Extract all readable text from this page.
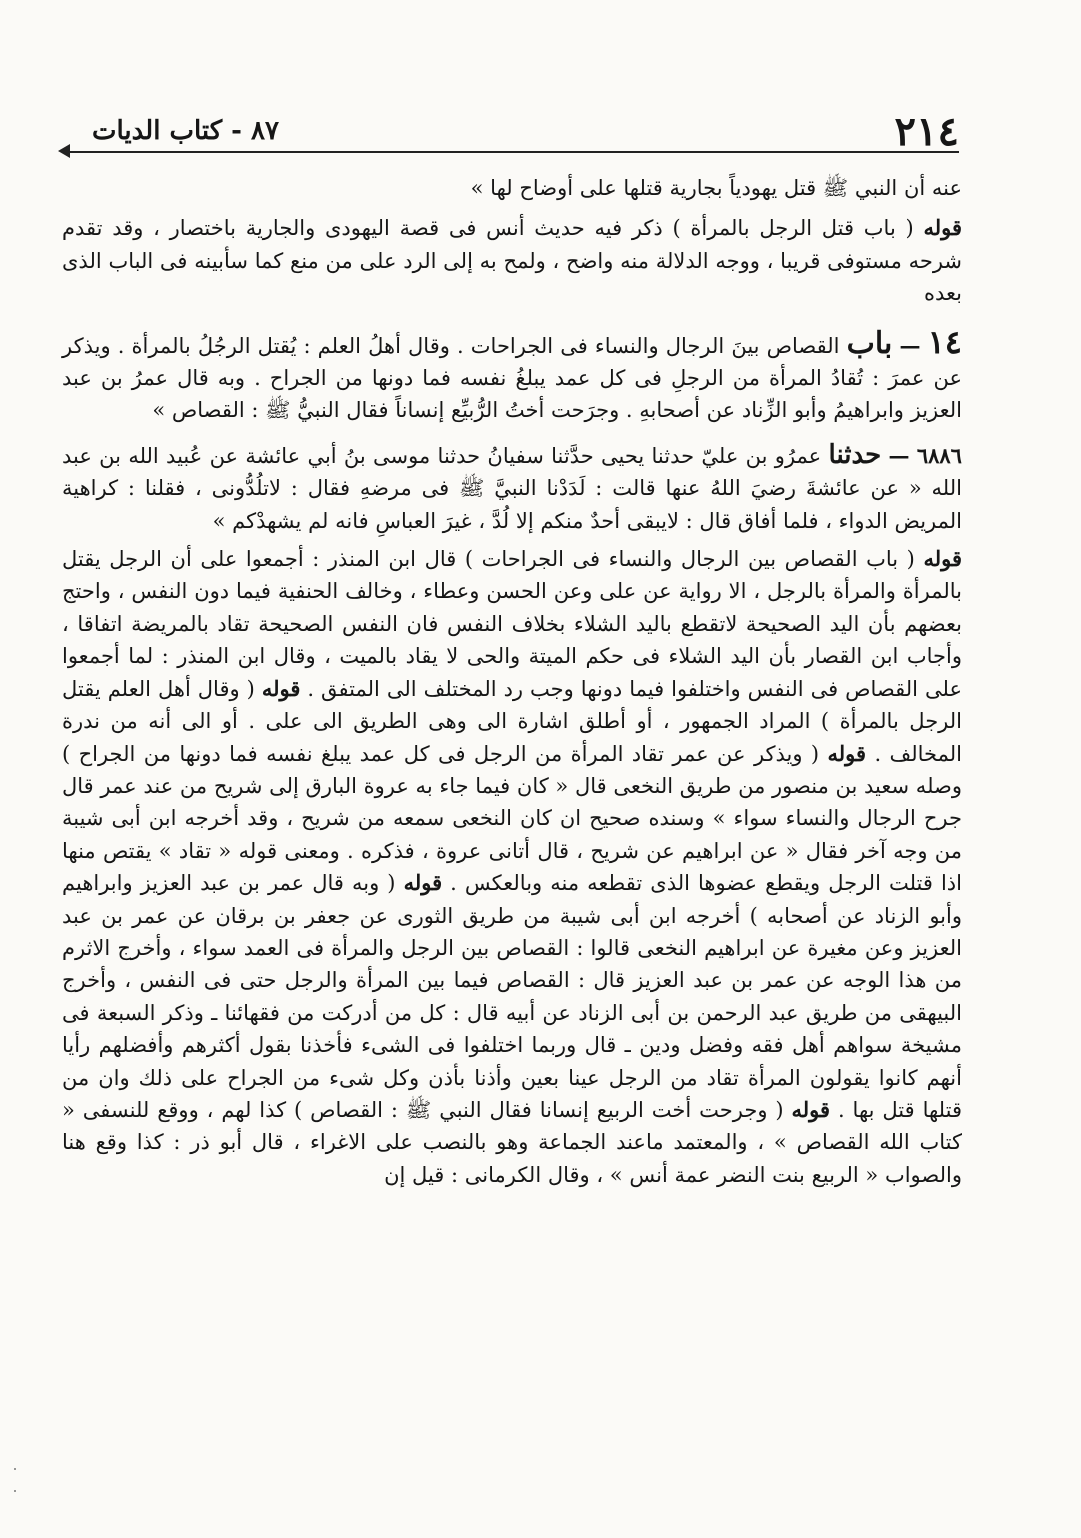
٢١٤
٨٧ - كتاب الديات

عنه أن النبي ﷺ قتل يهودياً بجارية قتلها على أوضاح لها »

قوله ( باب قتل الرجل بالمرأة ) ذكر فيه حديث أنس فى قصة اليهودى والجارية باختصار ، وقد تقدم شرحه مستوفى قريبا ، ووجه الدلالة منه واضح ، ولمح به إلى الرد على من منع كما سأبينه فى الباب الذى بعده

١٤ — باب القصاص بينَ الرجال والنساء فى الجراحات . وقال أهلُ العلم : يُقتل الرجُلُ بالمرأة . ويذكر عن عمرَ : تُقادُ المرأة من الرجلِ فى كل عمد يبلغُ نفسه فما دونها من الجراح . وبه قال عمرُ بن عبد العزيز وابراهيمُ وأبو الزِّناد عن أصحابهِ . وجرَحت أختُ الرُّبيِّع إنساناً فقال النبيُّ ﷺ : القصاص »

٦٨٨٦ — حدثنا عمرُو بن عليّ حدثنا يحيى حدَّثنا سفيانُ حدثنا موسى بنُ أبي عائشة عن عُبيد الله بن عبد الله « عن عائشةَ رضيَ اللهُ عنها قالت : لَدَدْنا النبيَّ ﷺ فى مرضهِ فقال : لاتلُدُّونى ، فقلنا : كراهية المريض الدواء ، فلما أفاق قال : لايبقى أحدٌ منكم إلا لُدَّ ، غيرَ العباسِ فانه لم يشهدْكم »

قوله ( باب القصاص بين الرجال والنساء فى الجراحات ) قال ابن المنذر : أجمعوا على أن الرجل يقتل بالمرأة والمرأة بالرجل ، الا رواية عن على وعن الحسن وعطاء ، وخالف الحنفية فيما دون النفس ، واحتج بعضهم بأن اليد الصحيحة لاتقطع باليد الشلاء بخلاف النفس فان النفس الصحيحة تقاد بالمريضة اتفاقا ، وأجاب ابن القصار بأن اليد الشلاء فى حكم الميتة والحى لا يقاد بالميت ، وقال ابن المنذر : لما أجمعوا على القصاص فى النفس واختلفوا فيما دونها وجب رد المختلف الى المتفق . قوله ( وقال أهل العلم يقتل الرجل بالمرأة ) المراد الجمهور ، أو أطلق اشارة الى وهى الطريق الى على . أو الى أنه من ندرة المخالف . قوله ( ويذكر عن عمر تقاد المرأة من الرجل فى كل عمد يبلغ نفسه فما دونها من الجراح ) وصله سعيد بن منصور من طريق النخعى قال « كان فيما جاء به عروة البارق إلى شريح من عند عمر قال جرح الرجال والنساء سواء » وسنده صحيح ان كان النخعى سمعه من شريح ، وقد أخرجه ابن أبى شيبة من وجه آخر فقال « عن ابراهيم عن شريح ، قال أتانى عروة ، فذكره . ومعنى قوله « تقاد » يقتص منها اذا قتلت الرجل ويقطع عضوها الذى تقطعه منه وبالعكس . قوله ( وبه قال عمر بن عبد العزيز وابراهيم وأبو الزناد عن أصحابه ) أخرجه ابن أبى شيبة من طريق الثورى عن جعفر بن برقان عن عمر بن عبد العزيز وعن مغيرة عن ابراهيم النخعى قالوا : القصاص بين الرجل والمرأة فى العمد سواء ، وأخرج الاثرم من هذا الوجه عن عمر بن عبد العزيز قال : القصاص فيما بين المرأة والرجل حتى فى النفس ، وأخرج البيهقى من طريق عبد الرحمن بن أبى الزناد عن أبيه قال : كل من أدركت من فقهائنا ـ وذكر السبعة فى مشيخة سواهم أهل فقه وفضل ودين ـ قال وربما اختلفوا فى الشىء فأخذنا بقول أكثرهم وأفضلهم رأيا أنهم كانوا يقولون المرأة تقاد من الرجل عينا بعين وأذنا بأذن وكل شىء من الجراح على ذلك وان من قتلها قتل بها . قوله ( وجرحت أخت الربيع إنسانا فقال النبي ﷺ : القصاص ) كذا لهم ، ووقع للنسفى « كتاب الله القصاص » ، والمعتمد ماعند الجماعة وهو بالنصب على الاغراء ، قال أبو ذر : كذا وقع هنا والصواب « الربيع بنت النضر عمة أنس » ، وقال الكرمانى : قيل إن
